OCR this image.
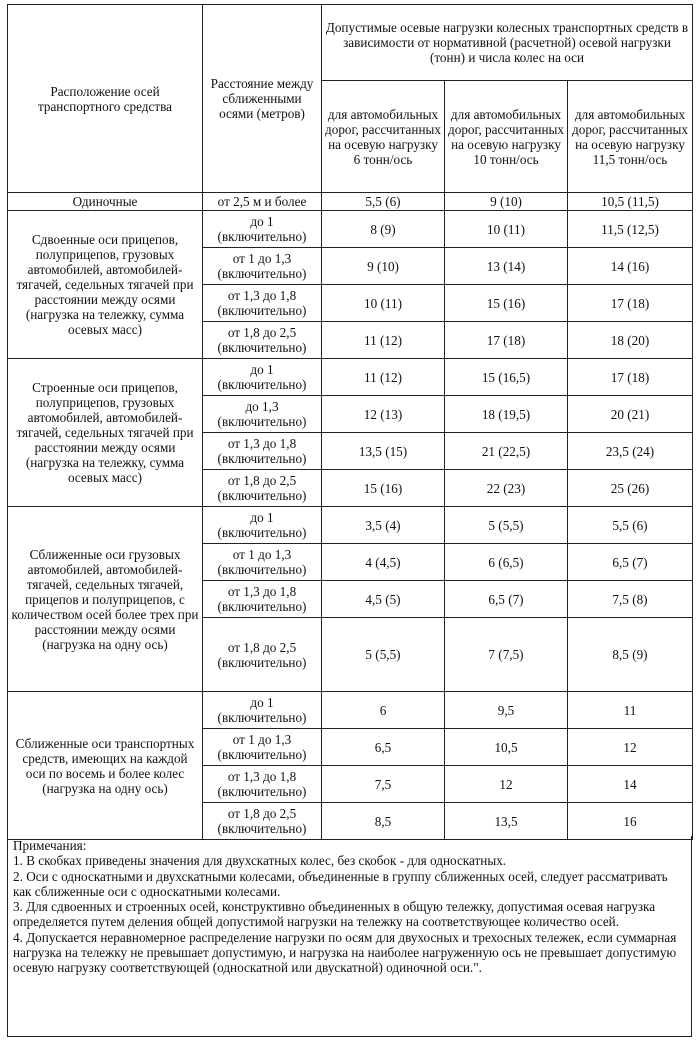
Расположение осей транспортного средства	Расстояние между сближенными осями (метров)	Допустимые осевые нагрузки колесных транспортных средств в зависимости от нормативной (расчетной) осевой нагрузки (тонн) и числа колес на оси		
		для автомобильных дорог, рассчитанных на осевую нагрузку 6 тонн/ось	для автомобильных дорог, рассчитанных на осевую нагрузку 10 тонн/ось	для автомобильных дорог, рассчитанных на осевую нагрузку 11,5 тонн/ось
Одиночные	от 2,5 м и более	5,5 (6)	9 (10)	10,5 (11,5)
Сдвоенные оси прицепов, полуприцепов, грузовых автомобилей, автомобилей-тягачей, седельных тягачей при расстоянии между осями (нагрузка на тележку, сумма осевых масс)	до 1 (включительно)	8 (9)	10 (11)	11,5 (12,5)
	от 1 до 1,3 (включительно)	9 (10)	13 (14)	14 (16)
	от 1,3 до 1,8 (включительно)	10 (11)	15 (16)	17 (18)
	от 1,8 до 2,5 (включительно)	11 (12)	17 (18)	18 (20)
Строенные оси прицепов, полуприцепов, грузовых автомобилей, автомобилей-тягачей, седельных тягачей при расстоянии между осями (нагрузка на тележку, сумма осевых масс)	до 1 (включительно)	11 (12)	15 (16,5)	17 (18)
	до 1,3 (включительно)	12 (13)	18 (19,5)	20 (21)
	от 1,3 до 1,8 (включительно)	13,5 (15)	21 (22,5)	23,5 (24)
	от 1,8 до 2,5 (включительно)	15 (16)	22 (23)	25 (26)
Сближенные оси грузовых автомобилей, автомобилей-тягачей, седельных тягачей, прицепов и полуприцепов, с количеством осей более трех при расстоянии между осями (нагрузка на одну ось)	до 1 (включительно)	3,5 (4)	5 (5,5)	5,5 (6)
	от 1 до 1,3 (включительно)	4 (4,5)	6 (6,5)	6,5 (7)
	от 1,3 до 1,8 (включительно)	4,5 (5)	6,5 (7)	7,5 (8)
	от 1,8 до 2,5 (включительно)	5 (5,5)	7 (7,5)	8,5 (9)
Сближенные оси транспортных средств, имеющих на каждой оси по восемь и более колес (нагрузка на одну ось)	до 1 (включительно)	6	9,5	11
	от 1 до 1,3 (включительно)	6,5	10,5	12
	от 1,3 до 1,8 (включительно)	7,5	12	14
	от 1,8 до 2,5 (включительно)	8,5	13,5	16
Примечания:
1. В скобках приведены значения для двухскатных колес, без скобок - для односкатных.
2. Оси с односкатными и двухскатными колесами, объединенные в группу сближенных осей, следует рассматривать как сближенные оси с односкатными колесами.
3. Для сдвоенных и строенных осей, конструктивно объединенных в общую тележку, допустимая осевая нагрузка определяется путем деления общей допустимой нагрузки на тележку на соответствующее количество осей.
4. Допускается неравномерное распределение нагрузки по осям для двухосных и трехосных тележек, если суммарная нагрузка на тележку не превышает допустимую, и нагрузка на наиболее нагруженную ось не превышает допустимую осевую нагрузку соответствующей (односкатной или двускатной) одиночной оси.".
